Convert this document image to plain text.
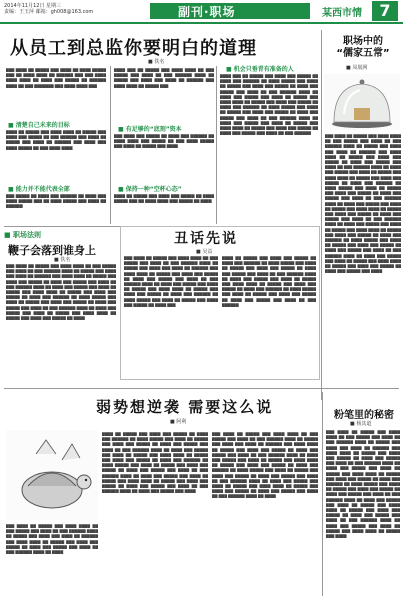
2014年11月12日 星期三
责编：王玉萍 邮箱：gh008@163.com	副刊·职场	某西市情	7
从员工到总监你要明白的道理
■ 佚名
▇▇▇ ▇▇▇▇ ▇▇ ▇▇▇▇▇ ▇▇▇ ▇▇▇▇ ▇▇ ▇▇▇▇ ▇▇▇▇▇ ▇▇▇ ▇▇ ▇▇▇▇ ▇▇▇▇ ▇▇ ▇▇▇▇▇▇ ▇▇▇ ▇▇▇ ▇▇▇▇ ▇▇▇▇ ▇▇▇▇ ▇▇ ▇▇▇▇ ▇▇▇ ▇▇▇▇▇ ▇▇ ▇▇▇▇▇▇ ▇▇▇▇ ▇▇ ▇▇▇ ▇▇▇▇▇▇▇ ▇▇▇ ▇▇▇▇ ▇▇▇▇ ▇▇▇
■ 清楚自己未来的目标
▇▇▇▇ ▇▇ ▇▇▇▇▇ ▇▇▇ ▇▇▇▇ ▇▇▇▇ ▇▇ ▇▇▇▇▇ ▇▇▇ ▇▇▇▇ ▇▇▇ ▇▇▇▇▇ ▇▇ ▇▇▇ ▇▇▇▇▇▇ ▇▇▇ ▇▇▇▇ ▇▇ ▇▇▇▇▇ ▇▇▇ ▇▇▇▇ ▇▇ ▇▇▇▇▇▇ ▇▇▇ ▇▇▇▇ ▇▇▇ ▇▇▇▇ ▇▇▇▇▇ ▇▇ ▇▇▇ ▇▇▇▇ ▇▇▇▇
■ 能力并不能代表全部
▇▇▇ ▇▇▇▇▇ ▇▇ ▇▇▇▇ ▇▇▇ ▇▇▇▇▇▇ ▇▇ ▇▇▇▇ ▇▇▇ ▇▇▇▇ ▇▇▇▇▇ ▇▇▇ ▇▇ ▇▇▇▇ ▇▇▇▇▇ ▇▇▇ ▇▇▇▇ ▇▇ ▇▇▇▇▇▇
▇▇▇▇ ▇▇▇ ▇▇ ▇▇▇▇▇ ▇▇▇ ▇▇▇▇ ▇▇▇▇ ▇▇ ▇▇▇ ▇▇▇▇▇ ▇▇▇ ▇▇▇▇ ▇▇ ▇▇▇ ▇▇▇▇▇▇ ▇▇▇▇ ▇▇ ▇▇▇▇▇ ▇▇▇ ▇▇▇▇ ▇▇▇ ▇▇▇▇ ▇▇ ▇▇▇▇▇▇ ▇▇▇ ▇▇▇▇ ▇▇▇▇ ▇▇ ▇▇▇▇▇ ▇▇▇
■ 有足够的“底刻”资本
▇▇▇ ▇▇▇▇ ▇▇▇ ▇▇▇▇▇ ▇▇ ▇▇▇▇ ▇▇▇ ▇▇▇▇▇▇ ▇▇ ▇▇▇▇ ▇▇▇▇ ▇▇▇ ▇▇▇▇▇ ▇▇ ▇▇▇ ▇▇▇▇ ▇▇▇▇▇ ▇▇▇ ▇▇▇▇ ▇▇ ▇▇▇▇▇ ▇▇▇ ▇▇▇▇
■ 保持一种“空杯心态”
▇▇▇▇ ▇▇ ▇▇▇▇▇ ▇▇▇ ▇▇▇▇ ▇▇▇ ▇▇▇▇▇ ▇▇ ▇▇▇▇ ▇▇▇▇▇ ▇▇▇ ▇▇ ▇▇▇▇ ▇▇▇▇ ▇▇▇ ▇▇▇▇▇ ▇▇ ▇▇▇▇
■ 机会只垂青有准备的人
▇▇▇▇ ▇▇▇ ▇▇ ▇▇▇▇▇ ▇▇▇ ▇▇▇▇ ▇▇▇ ▇▇▇▇▇ ▇▇ ▇▇▇▇ ▇▇▇ ▇▇▇▇▇▇ ▇▇ ▇▇▇▇ ▇▇▇▇▇ ▇▇▇ ▇▇▇▇ ▇▇ ▇▇▇▇▇ ▇▇▇ ▇▇▇▇ ▇▇▇ ▇▇▇▇▇ ▇▇ ▇▇▇▇ ▇▇▇ ▇▇▇▇▇ ▇▇▇ ▇▇▇▇ ▇▇ ▇▇▇ ▇▇▇▇▇▇ ▇▇▇▇ ▇▇ ▇▇▇▇ ▇▇▇ ▇▇▇▇▇ ▇▇▇ ▇▇▇▇ ▇▇ ▇▇▇▇▇ ▇▇▇ ▇▇▇▇ ▇▇▇▇ ▇▇ ▇▇▇▇▇ ▇▇▇ ▇▇▇▇ ▇▇▇ ▇▇▇▇▇ ▇▇ ▇▇▇▇ ▇▇▇ ▇▇▇▇▇▇ ▇▇ ▇▇▇▇ ▇▇▇▇▇ ▇▇▇ ▇▇▇▇ ▇▇ ▇▇▇▇▇ ▇▇▇ ▇▇▇▇ ▇▇▇ ▇▇▇▇▇ ▇▇ ▇▇▇▇ ▇▇▇ ▇▇▇▇▇ ▇▇▇ ▇▇▇▇ ▇▇ ▇▇▇ ▇▇▇▇▇▇ ▇▇▇▇ ▇▇ ▇▇▇▇ ▇▇▇ ▇▇▇▇▇ ▇▇▇ ▇▇▇▇ ▇▇ ▇▇▇▇▇ ▇▇▇ ▇▇▇▇ ▇▇▇▇ ▇▇ ▇▇▇▇▇ ▇▇▇ ▇▇▇▇ ▇▇▇ ▇▇▇▇▇ ▇▇ ▇▇▇▇ ▇▇▇ ▇▇▇▇▇ ▇▇▇ ▇▇▇▇ ▇▇ ▇▇▇ ▇▇▇▇▇▇
职场中的
“儒家五常”
■ 凤凰网
▇▇▇ ▇▇▇▇ ▇▇ ▇▇▇▇▇ ▇▇▇ ▇▇▇▇ ▇▇▇▇ ▇▇ ▇▇▇ ▇▇▇▇▇ ▇▇▇ ▇▇▇▇ ▇▇ ▇▇▇ ▇▇▇▇▇▇ ▇▇▇▇ ▇▇ ▇▇▇▇▇ ▇▇▇ ▇▇▇▇ ▇▇▇ ▇▇▇▇ ▇▇ ▇▇▇▇▇▇ ▇▇▇ ▇▇▇▇ ▇▇▇▇ ▇▇ ▇▇▇▇▇ ▇▇▇ ▇▇▇▇ ▇▇▇ ▇▇▇▇▇ ▇▇ ▇▇▇▇ ▇▇▇ ▇▇▇▇▇ ▇▇▇ ▇▇▇▇ ▇▇ ▇▇▇ ▇▇▇▇▇▇ ▇▇▇▇ ▇▇ ▇▇▇▇ ▇▇▇ ▇▇▇▇▇ ▇▇▇ ▇▇▇▇ ▇▇ ▇▇▇▇▇ ▇▇▇ ▇▇▇▇ ▇▇▇▇ ▇▇ ▇▇▇▇▇ ▇▇▇ ▇▇▇▇ ▇▇▇ ▇▇▇▇▇ ▇▇ ▇▇▇▇ ▇▇▇ ▇▇▇▇▇▇ ▇▇ ▇▇▇▇ ▇▇▇▇▇ ▇▇▇ ▇▇▇▇ ▇▇ ▇▇▇▇▇ ▇▇▇ ▇▇▇▇ ▇▇▇ ▇▇▇▇▇ ▇▇ ▇▇▇▇ ▇▇▇ ▇▇▇▇▇ ▇▇▇ ▇▇▇▇ ▇▇ ▇▇▇ ▇▇▇▇▇▇ ▇▇▇▇ ▇▇ ▇▇▇▇ ▇▇▇ ▇▇▇▇▇ ▇▇▇ ▇▇▇▇ ▇▇ ▇▇▇▇▇ ▇▇▇ ▇▇▇▇ ▇▇▇▇ ▇▇ ▇▇▇▇▇ ▇▇▇ ▇▇▇▇ ▇▇▇ ▇▇▇▇▇ ▇▇ ▇▇▇▇ ▇▇▇ ▇▇▇▇▇ ▇▇▇ ▇▇▇▇ ▇▇ ▇▇▇ ▇▇▇▇▇▇ ▇▇▇▇ ▇▇ ▇▇▇▇ ▇▇▇ ▇▇▇▇▇ ▇▇▇ ▇▇▇▇ ▇▇ ▇▇▇▇▇ ▇▇▇ ▇▇▇▇ ▇▇▇▇ ▇▇ ▇▇▇▇▇ ▇▇▇ ▇▇▇▇ ▇▇▇ ▇▇▇▇▇ ▇▇ ▇▇▇▇ ▇▇▇ ▇▇▇▇▇▇ ▇▇ ▇▇▇▇ ▇▇▇▇▇ ▇▇▇ ▇▇▇▇ ▇▇ ▇▇▇▇▇ ▇▇▇ ▇▇▇▇ ▇▇▇ ▇▇▇▇▇ ▇▇ ▇▇▇▇ ▇▇▇ ▇▇▇▇▇ ▇▇▇ ▇▇▇▇ ▇▇ ▇▇▇ ▇▇▇▇▇▇ ▇▇▇▇ ▇▇ ▇▇▇▇ ▇▇▇ ▇▇▇▇▇ ▇▇▇ ▇▇▇▇ ▇▇ ▇▇▇▇▇ ▇▇▇ ▇▇▇▇ ▇▇▇▇ ▇▇ ▇▇▇▇▇ ▇▇▇ ▇▇▇▇ ▇▇▇ ▇▇▇▇▇ ▇▇ ▇▇▇▇ ▇▇▇ ▇▇▇▇▇ ▇▇▇ ▇▇▇▇
■ 职场法则
鞭子会落到谁身上
■ 佚名
▇▇▇ ▇▇▇▇ ▇▇ ▇▇▇▇▇ ▇▇▇ ▇▇▇▇ ▇▇▇▇ ▇▇ ▇▇▇ ▇▇▇▇▇ ▇▇▇ ▇▇▇▇ ▇▇ ▇▇▇ ▇▇▇▇▇▇ ▇▇▇▇ ▇▇ ▇▇▇▇▇ ▇▇▇ ▇▇▇▇ ▇▇▇ ▇▇▇▇ ▇▇ ▇▇▇▇▇▇ ▇▇▇ ▇▇▇▇ ▇▇▇▇ ▇▇ ▇▇▇▇▇ ▇▇▇ ▇▇▇▇ ▇▇▇ ▇▇▇▇▇ ▇▇ ▇▇▇▇ ▇▇▇ ▇▇▇▇▇ ▇▇▇ ▇▇▇▇ ▇▇ ▇▇▇ ▇▇▇▇▇▇ ▇▇▇▇ ▇▇ ▇▇▇▇ ▇▇▇ ▇▇▇▇▇ ▇▇▇ ▇▇▇▇ ▇▇ ▇▇▇▇▇ ▇▇▇ ▇▇▇▇ ▇▇▇▇ ▇▇ ▇▇▇▇▇ ▇▇▇ ▇▇▇▇ ▇▇▇ ▇▇▇▇▇ ▇▇ ▇▇▇▇ ▇▇▇ ▇▇▇▇▇▇ ▇▇ ▇▇▇▇ ▇▇▇▇▇ ▇▇▇ ▇▇▇▇ ▇▇ ▇▇▇▇▇ ▇▇▇ ▇▇▇▇ ▇▇▇ ▇▇▇▇▇ ▇▇ ▇▇▇▇ ▇▇▇ ▇▇▇▇▇ ▇▇▇ ▇▇▇▇ ▇▇ ▇▇▇ ▇▇▇▇▇▇ ▇▇▇▇ ▇▇ ▇▇▇▇ ▇▇▇ ▇▇▇▇▇ ▇▇▇ ▇▇▇▇ ▇▇ ▇▇▇▇▇ ▇▇▇ ▇▇▇▇ ▇▇▇▇ ▇▇ ▇▇▇▇▇ ▇▇▇ ▇▇▇▇ ▇▇▇ ▇▇▇▇▇ ▇▇ ▇▇▇▇
丑话先说
■ 吴益
▇▇▇ ▇▇▇▇ ▇▇ ▇▇▇▇▇ ▇▇▇ ▇▇▇▇ ▇▇▇▇ ▇▇ ▇▇▇ ▇▇▇▇▇ ▇▇▇ ▇▇▇▇ ▇▇ ▇▇▇ ▇▇▇▇▇▇ ▇▇▇▇ ▇▇ ▇▇▇▇▇ ▇▇▇ ▇▇▇▇ ▇▇▇ ▇▇▇▇ ▇▇ ▇▇▇▇▇▇ ▇▇▇ ▇▇▇▇ ▇▇▇▇ ▇▇ ▇▇▇▇▇ ▇▇▇ ▇▇▇▇ ▇▇▇ ▇▇▇▇▇ ▇▇ ▇▇▇▇ ▇▇▇ ▇▇▇▇▇ ▇▇▇ ▇▇▇▇ ▇▇ ▇▇▇ ▇▇▇▇▇▇ ▇▇▇▇ ▇▇ ▇▇▇▇ ▇▇▇ ▇▇▇▇▇ ▇▇▇ ▇▇▇▇ ▇▇ ▇▇▇▇▇ ▇▇▇ ▇▇▇▇ ▇▇▇▇ ▇▇ ▇▇▇▇▇ ▇▇▇ ▇▇▇▇ ▇▇▇ ▇▇▇▇▇ ▇▇ ▇▇▇▇ ▇▇▇ ▇▇▇▇▇▇ ▇▇ ▇▇▇▇ ▇▇▇▇▇ ▇▇▇ ▇▇▇▇ ▇▇ ▇▇▇▇▇ ▇▇▇ ▇▇▇▇ ▇▇▇ ▇▇▇▇▇ ▇▇ ▇▇▇▇ ▇▇▇
▇▇▇▇ ▇▇ ▇▇▇▇▇ ▇▇▇ ▇▇▇▇ ▇▇▇ ▇▇▇▇▇ ▇▇ ▇▇▇▇ ▇▇▇ ▇▇▇▇▇▇ ▇▇ ▇▇▇▇ ▇▇▇▇▇ ▇▇▇ ▇▇▇▇ ▇▇ ▇▇▇▇▇ ▇▇▇ ▇▇▇▇ ▇▇▇ ▇▇▇▇▇ ▇▇ ▇▇▇▇ ▇▇▇ ▇▇▇▇▇ ▇▇▇ ▇▇▇▇ ▇▇ ▇▇▇ ▇▇▇▇▇▇ ▇▇▇▇ ▇▇ ▇▇▇▇ ▇▇▇ ▇▇▇▇▇ ▇▇▇ ▇▇▇▇ ▇▇ ▇▇▇▇▇ ▇▇▇ ▇▇▇▇ ▇▇▇▇ ▇▇ ▇▇▇▇▇ ▇▇▇ ▇▇▇▇ ▇▇▇ ▇▇▇▇▇ ▇▇ ▇▇▇▇ ▇▇▇ ▇▇▇▇▇▇ ▇▇ ▇▇▇▇ ▇▇▇▇▇ ▇▇▇ ▇▇▇▇ ▇▇ ▇▇▇▇▇ ▇▇▇ ▇▇▇▇ ▇▇▇ ▇▇▇▇▇ ▇▇ ▇▇▇▇ ▇▇▇ ▇▇▇▇▇ ▇▇▇ ▇▇▇▇ ▇▇ ▇▇▇ ▇▇▇▇▇▇
弱势想逆袭 需要这么说
■ 阿利
▇▇▇ ▇▇▇▇ ▇▇ ▇▇▇▇▇ ▇▇▇ ▇▇▇▇ ▇▇▇▇ ▇▇ ▇▇▇ ▇▇▇▇▇ ▇▇▇ ▇▇▇▇ ▇▇ ▇▇▇ ▇▇▇▇▇▇ ▇▇▇▇ ▇▇ ▇▇▇▇▇ ▇▇▇ ▇▇▇▇ ▇▇▇ ▇▇▇▇ ▇▇ ▇▇▇▇▇▇ ▇▇▇ ▇▇▇▇ ▇▇▇▇ ▇▇ ▇▇▇▇▇ ▇▇▇ ▇▇▇▇ ▇▇▇ ▇▇▇▇▇ ▇▇ ▇▇▇▇ ▇▇▇ ▇▇▇▇▇ ▇▇▇ ▇▇▇▇ ▇▇ ▇▇▇ ▇▇▇▇▇▇ ▇▇▇▇ ▇▇ ▇▇▇▇
▇▇▇▇ ▇▇ ▇▇▇▇▇ ▇▇▇ ▇▇▇▇ ▇▇▇ ▇▇▇▇▇ ▇▇ ▇▇▇▇ ▇▇▇ ▇▇▇▇▇▇ ▇▇ ▇▇▇▇ ▇▇▇▇▇ ▇▇▇ ▇▇▇▇ ▇▇ ▇▇▇▇▇ ▇▇▇ ▇▇▇▇ ▇▇▇ ▇▇▇▇▇ ▇▇ ▇▇▇▇ ▇▇▇ ▇▇▇▇▇ ▇▇▇ ▇▇▇▇ ▇▇ ▇▇▇ ▇▇▇▇▇▇ ▇▇▇▇ ▇▇ ▇▇▇▇ ▇▇▇ ▇▇▇▇▇ ▇▇▇ ▇▇▇▇ ▇▇ ▇▇▇▇▇ ▇▇▇ ▇▇▇▇ ▇▇▇▇ ▇▇ ▇▇▇▇▇ ▇▇▇ ▇▇▇▇ ▇▇▇ ▇▇▇▇▇ ▇▇ ▇▇▇▇ ▇▇▇ ▇▇▇▇▇▇ ▇▇ ▇▇▇▇ ▇▇▇▇▇ ▇▇▇ ▇▇▇▇ ▇▇ ▇▇▇▇▇ ▇▇▇ ▇▇▇▇ ▇▇▇ ▇▇▇▇▇ ▇▇ ▇▇▇▇ ▇▇▇ ▇▇▇▇▇ ▇▇▇ ▇▇▇▇ ▇▇ ▇▇▇ ▇▇▇▇▇▇ ▇▇▇▇ ▇▇ ▇▇▇▇ ▇▇▇ ▇▇▇▇▇ ▇▇▇ ▇▇▇▇ ▇▇ ▇▇▇▇▇ ▇▇▇ ▇▇▇▇ ▇▇▇▇ ▇▇ ▇▇▇▇▇ ▇▇▇ ▇▇▇▇ ▇▇▇ ▇▇▇▇▇ ▇▇ ▇▇▇▇ ▇▇▇ ▇▇▇▇▇ ▇▇▇ ▇▇▇▇ ▇▇ ▇▇▇ ▇▇▇▇▇▇ ▇▇▇▇ ▇▇ ▇▇▇▇ ▇▇▇ ▇▇▇▇▇ ▇▇▇ ▇▇▇▇
▇▇▇ ▇▇▇▇ ▇▇ ▇▇▇▇▇ ▇▇▇ ▇▇▇▇ ▇▇▇▇ ▇▇ ▇▇▇ ▇▇▇▇▇ ▇▇▇ ▇▇▇▇ ▇▇ ▇▇▇ ▇▇▇▇▇▇ ▇▇▇▇ ▇▇ ▇▇▇▇▇ ▇▇▇ ▇▇▇▇ ▇▇▇ ▇▇▇▇ ▇▇ ▇▇▇▇▇▇ ▇▇▇ ▇▇▇▇ ▇▇▇▇ ▇▇ ▇▇▇▇▇ ▇▇▇ ▇▇▇▇ ▇▇▇ ▇▇▇▇▇ ▇▇ ▇▇▇▇ ▇▇▇ ▇▇▇▇▇ ▇▇▇ ▇▇▇▇ ▇▇ ▇▇▇ ▇▇▇▇▇▇ ▇▇▇▇ ▇▇ ▇▇▇▇ ▇▇▇ ▇▇▇▇▇ ▇▇▇ ▇▇▇▇ ▇▇ ▇▇▇▇▇ ▇▇▇ ▇▇▇▇ ▇▇▇▇ ▇▇ ▇▇▇▇▇ ▇▇▇ ▇▇▇▇ ▇▇▇ ▇▇▇▇▇ ▇▇ ▇▇▇▇ ▇▇▇ ▇▇▇▇▇▇ ▇▇ ▇▇▇▇ ▇▇▇▇▇ ▇▇▇ ▇▇▇▇ ▇▇ ▇▇▇▇▇ ▇▇▇ ▇▇▇▇ ▇▇▇ ▇▇▇▇▇ ▇▇ ▇▇▇▇ ▇▇▇ ▇▇▇▇▇ ▇▇▇ ▇▇▇▇ ▇▇ ▇▇▇ ▇▇▇▇▇▇ ▇▇▇▇ ▇▇ ▇▇▇▇ ▇▇▇ ▇▇▇▇▇ ▇▇▇ ▇▇▇▇ ▇▇ ▇▇▇▇▇ ▇▇▇ ▇▇▇▇ ▇▇▇▇ ▇▇ ▇▇▇▇▇ ▇▇▇ ▇▇▇▇ ▇▇▇ ▇▇▇▇▇ ▇▇ ▇▇▇▇ ▇▇▇ ▇▇▇▇▇ ▇▇▇ ▇▇▇▇ ▇▇ ▇▇▇ ▇▇▇▇▇▇ ▇▇▇▇ ▇▇ ▇▇▇▇
粉笔里的秘密
■ 杨其道
▇▇▇ ▇▇▇▇ ▇▇ ▇▇▇▇▇ ▇▇▇ ▇▇▇▇ ▇▇▇▇ ▇▇ ▇▇▇ ▇▇▇▇▇ ▇▇▇ ▇▇▇▇ ▇▇ ▇▇▇ ▇▇▇▇▇▇ ▇▇▇▇ ▇▇ ▇▇▇▇▇ ▇▇▇ ▇▇▇▇ ▇▇▇ ▇▇▇▇ ▇▇ ▇▇▇▇▇▇ ▇▇▇ ▇▇▇▇ ▇▇▇▇ ▇▇ ▇▇▇▇▇ ▇▇▇ ▇▇▇▇ ▇▇▇ ▇▇▇▇▇ ▇▇ ▇▇▇▇ ▇▇▇ ▇▇▇▇▇ ▇▇▇ ▇▇▇▇ ▇▇ ▇▇▇ ▇▇▇▇▇▇ ▇▇▇▇ ▇▇ ▇▇▇▇ ▇▇▇ ▇▇▇▇▇ ▇▇▇ ▇▇▇▇ ▇▇ ▇▇▇▇▇ ▇▇▇ ▇▇▇▇ ▇▇▇▇ ▇▇ ▇▇▇▇▇ ▇▇▇ ▇▇▇▇ ▇▇▇ ▇▇▇▇▇ ▇▇ ▇▇▇▇ ▇▇▇ ▇▇▇▇▇▇ ▇▇ ▇▇▇▇ ▇▇▇▇▇ ▇▇▇ ▇▇▇▇ ▇▇ ▇▇▇▇▇ ▇▇▇ ▇▇▇▇ ▇▇▇ ▇▇▇▇▇ ▇▇ ▇▇▇▇ ▇▇▇ ▇▇▇▇▇ ▇▇▇ ▇▇▇▇ ▇▇ ▇▇▇ ▇▇▇▇▇▇ ▇▇▇▇ ▇▇ ▇▇▇▇ ▇▇▇ ▇▇▇▇▇ ▇▇▇ ▇▇▇▇ ▇▇ ▇▇▇▇▇ ▇▇▇ ▇▇▇▇ ▇▇▇▇ ▇▇ ▇▇▇▇▇ ▇▇▇ ▇▇▇▇ ▇▇▇ ▇▇▇▇▇ ▇▇ ▇▇▇▇ ▇▇▇ ▇▇▇▇▇ ▇▇▇ ▇▇▇▇ ▇▇ ▇▇▇ ▇▇▇▇▇▇ ▇▇▇▇ ▇▇ ▇▇▇▇ ▇▇▇ ▇▇▇▇▇ ▇▇▇ ▇▇▇▇ ▇▇ ▇▇▇▇▇ ▇▇▇ ▇▇▇▇ ▇▇▇▇ ▇▇ ▇▇▇▇▇ ▇▇▇ ▇▇▇▇
